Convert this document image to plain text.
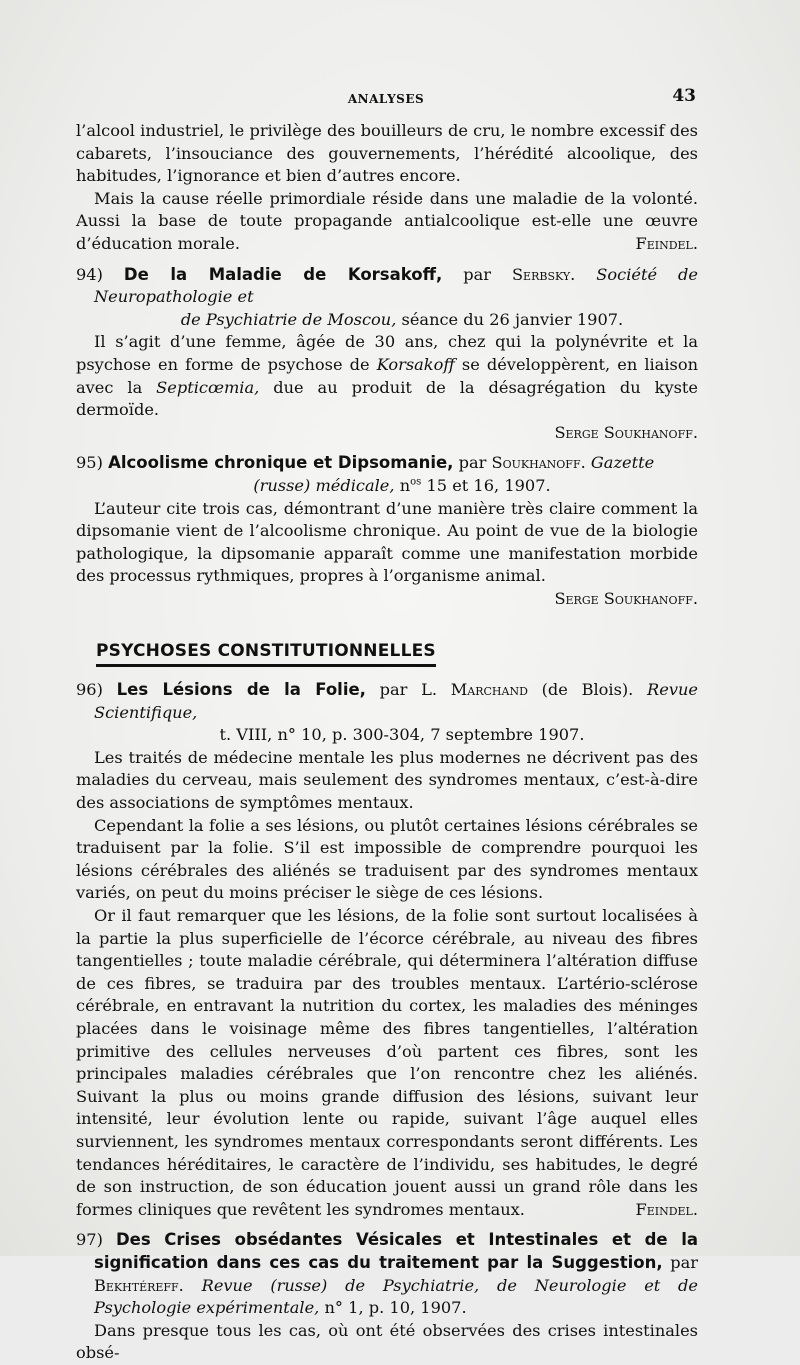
ANALYSES	43

l’alcool industriel, le privilège des bouilleurs de cru, le nombre excessif des cabarets, l’insouciance des gouvernements, l’hérédité alcoolique, des habitudes, l’ignorance et bien d’autres encore.

Mais la cause réelle primordiale réside dans une maladie de la volonté. Aussi la base de toute propagande antialcoolique est-elle une œuvre d’éducation morale.	Feindel.

94) De la Maladie de Korsakoff, par Serbsky. Société de Neuropathologie et

de Psychiatrie de Moscou, séance du 26 janvier 1907.

Il s’agit d’une femme, âgée de 30 ans, chez qui la polynévrite et la psychose en forme de psychose de Korsakoff se développèrent, en liaison avec la Septicœmia, due au produit de la désagrégation du kyste dermoïde.

Serge Soukhanoff.

95) Alcoolisme chronique et Dipsomanie, par Soukhanoff. Gazette

(russe) médicale, $n^{os}$ 15 et 16, 1907.

L’auteur cite trois cas, démontrant d’une manière très claire comment la dipsomanie vient de l’alcoolisme chronique. Au point de vue de la biologie pathologique, la dipsomanie apparaît comme une manifestation morbide des processus rythmiques, propres à l’organisme animal.
Serge Soukhanoff.

PSYCHOSES CONSTITUTIONNELLES

96) Les Lésions de la Folie, par L. Marchand (de Blois). Revue Scientifique,

t. VIII, n° 10, p. 300-304, 7 septembre 1907.

Les traités de médecine mentale les plus modernes ne décrivent pas des maladies du cerveau, mais seulement des syndromes mentaux, c’est-à-dire des associations de symptômes mentaux.

Cependant la folie a ses lésions, ou plutôt certaines lésions cérébrales se traduisent par la folie. S’il est impossible de comprendre pourquoi les lésions cérébrales des aliénés se traduisent par des syndromes mentaux variés, on peut du moins préciser le siège de ces lésions.

Or il faut remarquer que les lésions, de la folie sont surtout localisées à la partie la plus superficielle de l’écorce cérébrale, au niveau des fibres tangentielles ; toute maladie cérébrale, qui déterminera l’altération diffuse de ces fibres, se traduira par des troubles mentaux. L’artério-sclérose cérébrale, en entravant la nutrition du cortex, les maladies des méninges placées dans le voisinage même des fibres tangentielles, l’altération primitive des cellules nerveuses d’où partent ces fibres, sont les principales maladies cérébrales que l’on rencontre chez les aliénés. Suivant la plus ou moins grande diffusion des lésions, suivant leur intensité, leur évolution lente ou rapide, suivant l’âge auquel elles surviennent, les syndromes mentaux correspondants seront différents. Les tendances héréditaires, le caractère de l’individu, ses habitudes, le degré de son instruction, de son éducation jouent aussi un grand rôle dans les formes cliniques que revêtent les syndromes mentaux.	Feindel.

97) Des Crises obsédantes Vésicales et Intestinales et de la signification dans ces cas du traitement par la Suggestion, par Bekhtéreff. Revue (russe) de Psychiatrie, de Neurologie et de Psychologie expérimentale, n° 1, p. 10, 1907.

Dans presque tous les cas, où ont été observées des crises intestinales obsé-
